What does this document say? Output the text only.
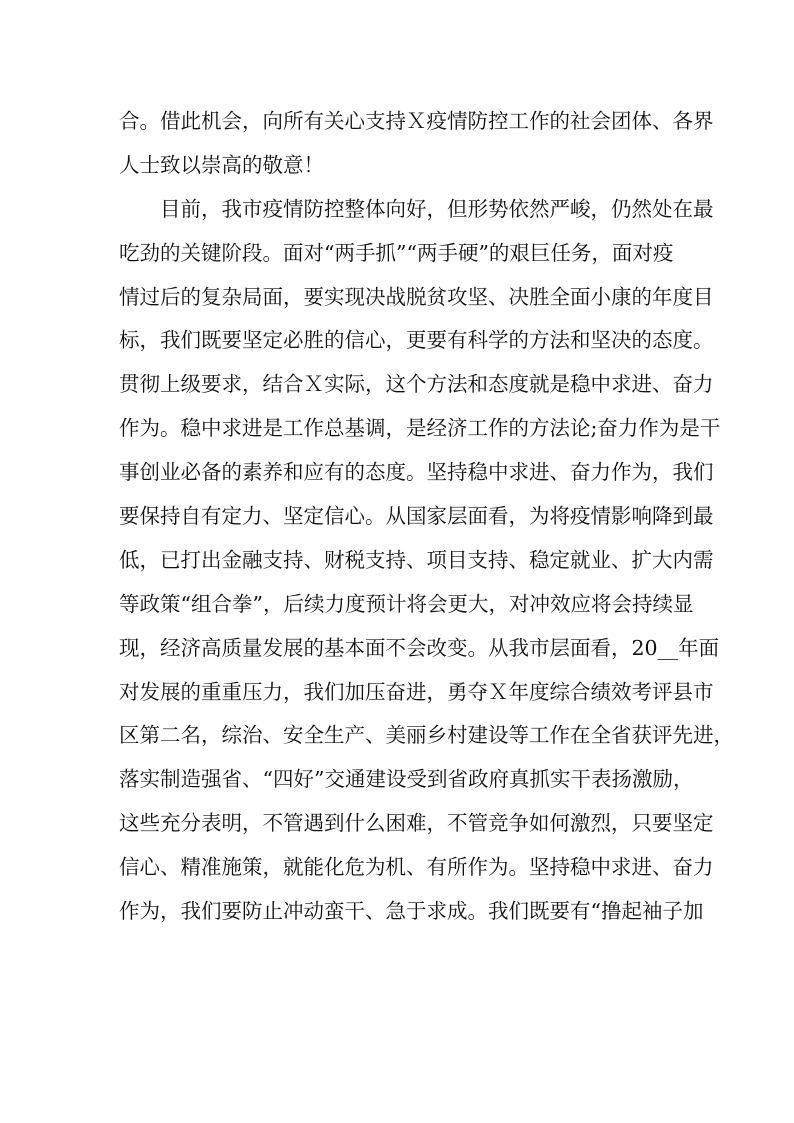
合。借此机会，向所有关心支持Ｘ疫情防控工作的社会团体、各界
人士致以崇高的敬意！
目前，我市疫情防控整体向好，但形势依然严峻，仍然处在最
吃劲的关键阶段。面对“两手抓”“两手硬”的艰巨任务，面对疫
情过后的复杂局面，要实现决战脱贫攻坚、决胜全面小康的年度目
标，我们既要坚定必胜的信心，更要有科学的方法和坚决的态度。
贯彻上级要求，结合Ｘ实际，这个方法和态度就是稳中求进、奋力
作为。稳中求进是工作总基调，是经济工作的方法论;奋力作为是干
事创业必备的素养和应有的态度。坚持稳中求进、奋力作为，我们
要保持自有定力、坚定信心。从国家层面看，为将疫情影响降到最
低，已打出金融支持、财税支持、项目支持、稳定就业、扩大内需
等政策“组合拳”，后续力度预计将会更大，对冲效应将会持续显
现，经济高质量发展的基本面不会改变。从我市层面看，20__年面
对发展的重重压力，我们加压奋进，勇夺Ｘ年度综合绩效考评县市
区第二名，综治、安全生产、美丽乡村建设等工作在全省获评先进，
落实制造强省、“四好”交通建设受到省政府真抓实干表扬激励，
这些充分表明，不管遇到什么困难，不管竞争如何激烈，只要坚定
信心、精准施策，就能化危为机、有所作为。坚持稳中求进、奋力
作为，我们要防止冲动蛮干、急于求成。我们既要有“撸起袖子加
